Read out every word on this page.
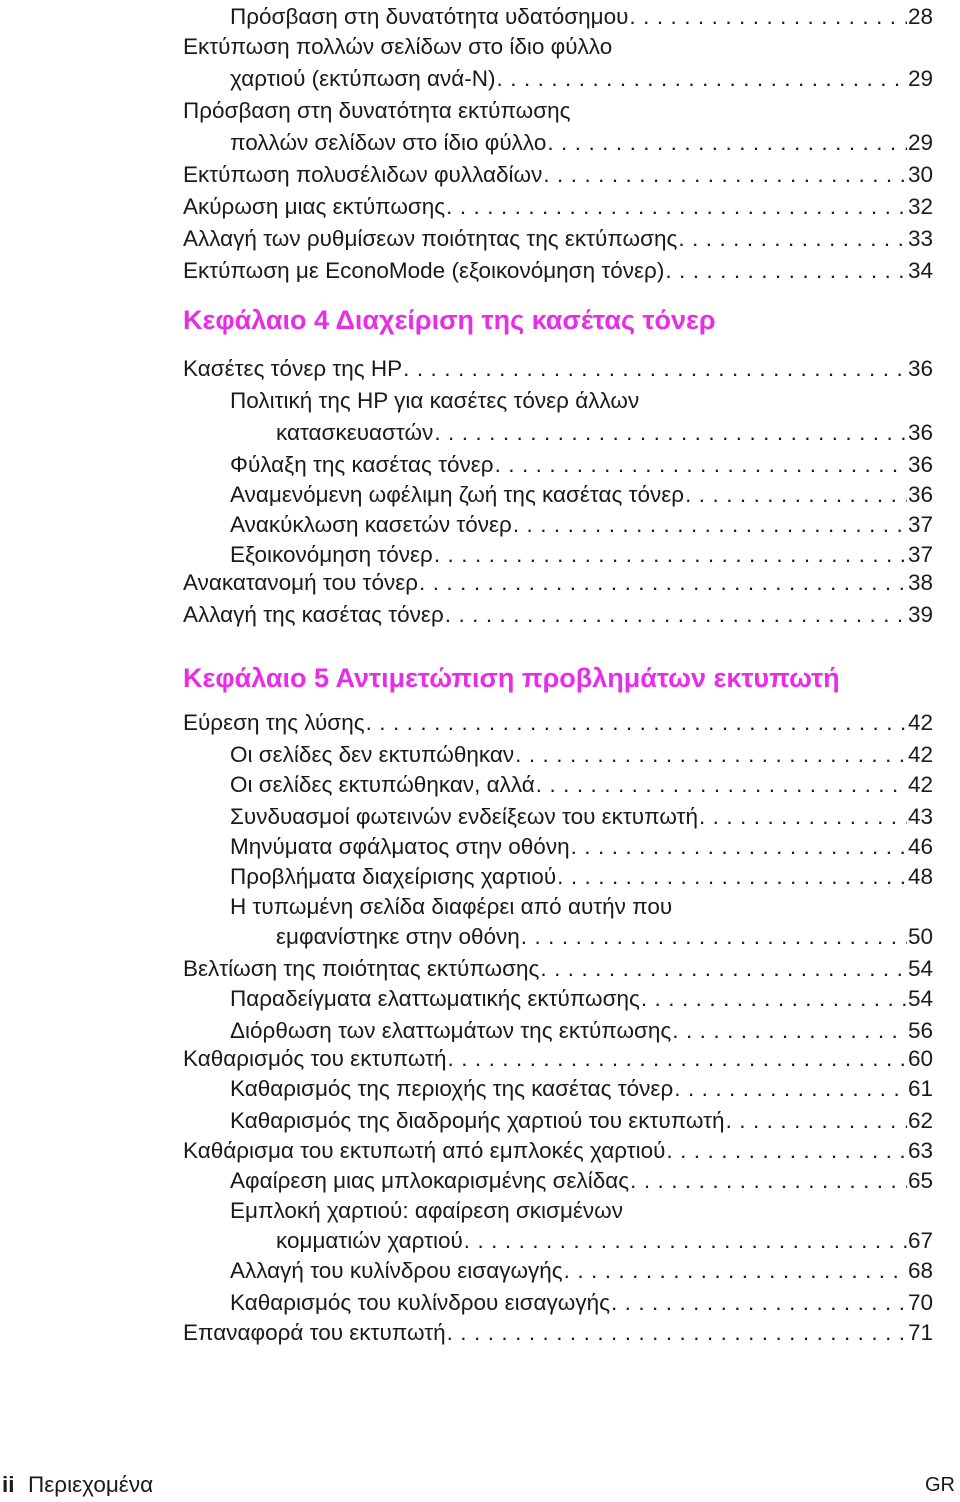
Πρόσβαση στη δυνατότητα υδατόσημου . . .	28
Εκτύπωση πολλών σελίδων στο ίδιο φύλλο
χαρτιού (εκτύπωση ανά-N) . . .	29
Πρόσβαση στη δυνατότητα εκτύπωσης
πολλών σελίδων στο ίδιο φύλλο . . .	29
Εκτύπωση πολυσέλιδων φυλλαδίων . . .	30
Ακύρωση μιας εκτύπωσης . . .	32
Αλλαγή των ρυθμίσεων ποιότητας της εκτύπωσης . . .	33
Εκτύπωση με EconoMode (εξοικονόμηση τόνερ) . . .	34
Κεφάλαιο 4 Διαχείριση της κασέτας τόνερ
Κασέτες τόνερ της HP . . .	36
Πολιτική της HP για κασέτες τόνερ άλλων
κατασκευαστών . . .	36
Φύλαξη της κασέτας τόνερ . . .	36
Αναμενόμενη ωφέλιμη ζωή της κασέτας τόνερ . . .	36
Ανακύκλωση κασετών τόνερ . . .	37
Εξοικονόμηση τόνερ . . .	37
Ανακατανομή του τόνερ . . .	38
Αλλαγή της κασέτας τόνερ . . .	39
Κεφάλαιο 5 Αντιμετώπιση προβλημάτων εκτυπωτή
Εύρεση της λύσης . . .	42
Οι σελίδες δεν εκτυπώθηκαν . . .	42
Οι σελίδες εκτυπώθηκαν, αλλά . . .	42
Συνδυασμοί φωτεινών ενδείξεων του εκτυπωτή . . .	43
Μηνύματα σφάλματος στην οθόνη . . .	46
Προβλήματα διαχείρισης χαρτιού . . .	48
Η τυπωμένη σελίδα διαφέρει από αυτήν που
εμφανίστηκε στην οθόνη . . .	50
Βελτίωση της ποιότητας εκτύπωσης . . .	54
Παραδείγματα ελαττωματικής εκτύπωσης . . .	54
Διόρθωση των ελαττωμάτων της εκτύπωσης . . .	56
Καθαρισμός του εκτυπωτή . . .	60
Καθαρισμός της περιοχής της κασέτας τόνερ . . .	61
Καθαρισμός της διαδρομής χαρτιού του εκτυπωτή . . .	62
Καθάρισμα του εκτυπωτή από εμπλοκές χαρτιού . . .	63
Αφαίρεση μιας μπλοκαρισμένης σελίδας . . .	65
Εμπλοκή χαρτιού: αφαίρεση σκισμένων
κομματιών χαρτιού . . .	67
Αλλαγή του κυλίνδρου εισαγωγής . . .	68
Καθαρισμός του κυλίνδρου εισαγωγής . . .	70
Επαναφορά του εκτυπωτή . . .	71
ii Περιεχομένα	GR
